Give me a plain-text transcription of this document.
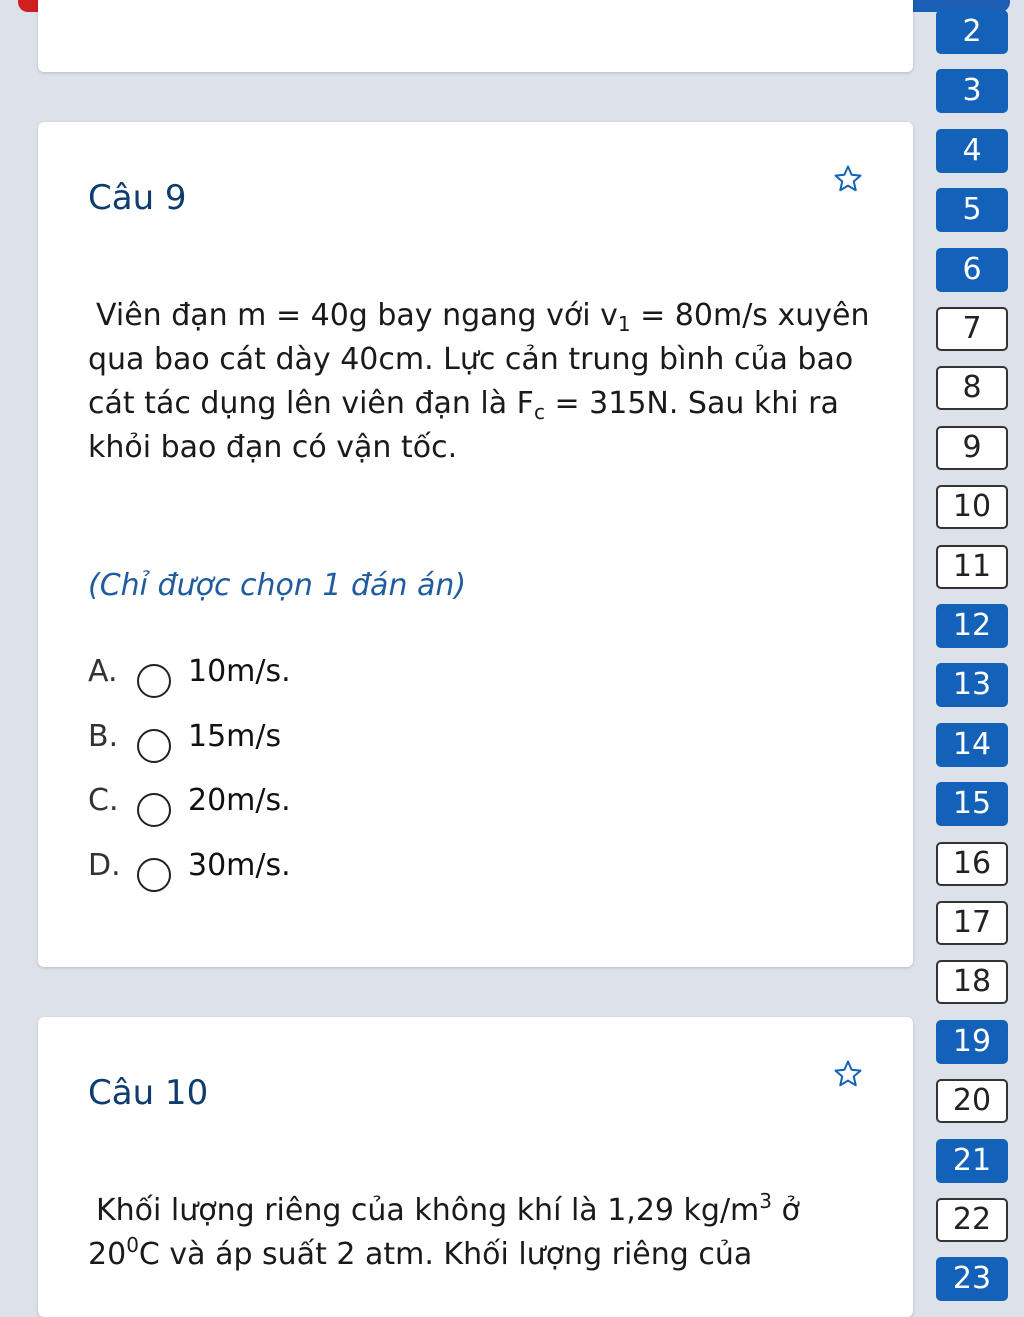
Câu 9
Viên đạn m = 40g bay ngang với $v_1 = 80m/s$ xuyên
qua bao cát dày 40cm. Lực cản trung bình của bao
cát tác dụng lên viên đạn là $F_c = 315N$. Sau khi ra
khỏi bao đạn có vận tốc.
(Chỉ được chọn 1 đán án)
A. 10m/s.
B. 15m/s
C. 20m/s.
D. 30m/s.
Câu 10
Khối lượng riêng của không khí là 1,29 $kg/m^3$ ở
$20^0C$ và áp suất 2 atm. Khối lượng riêng của
2
3
4
5
6
7
8
9
10
11
12
13
14
15
16
17
18
19
20
21
22
23
